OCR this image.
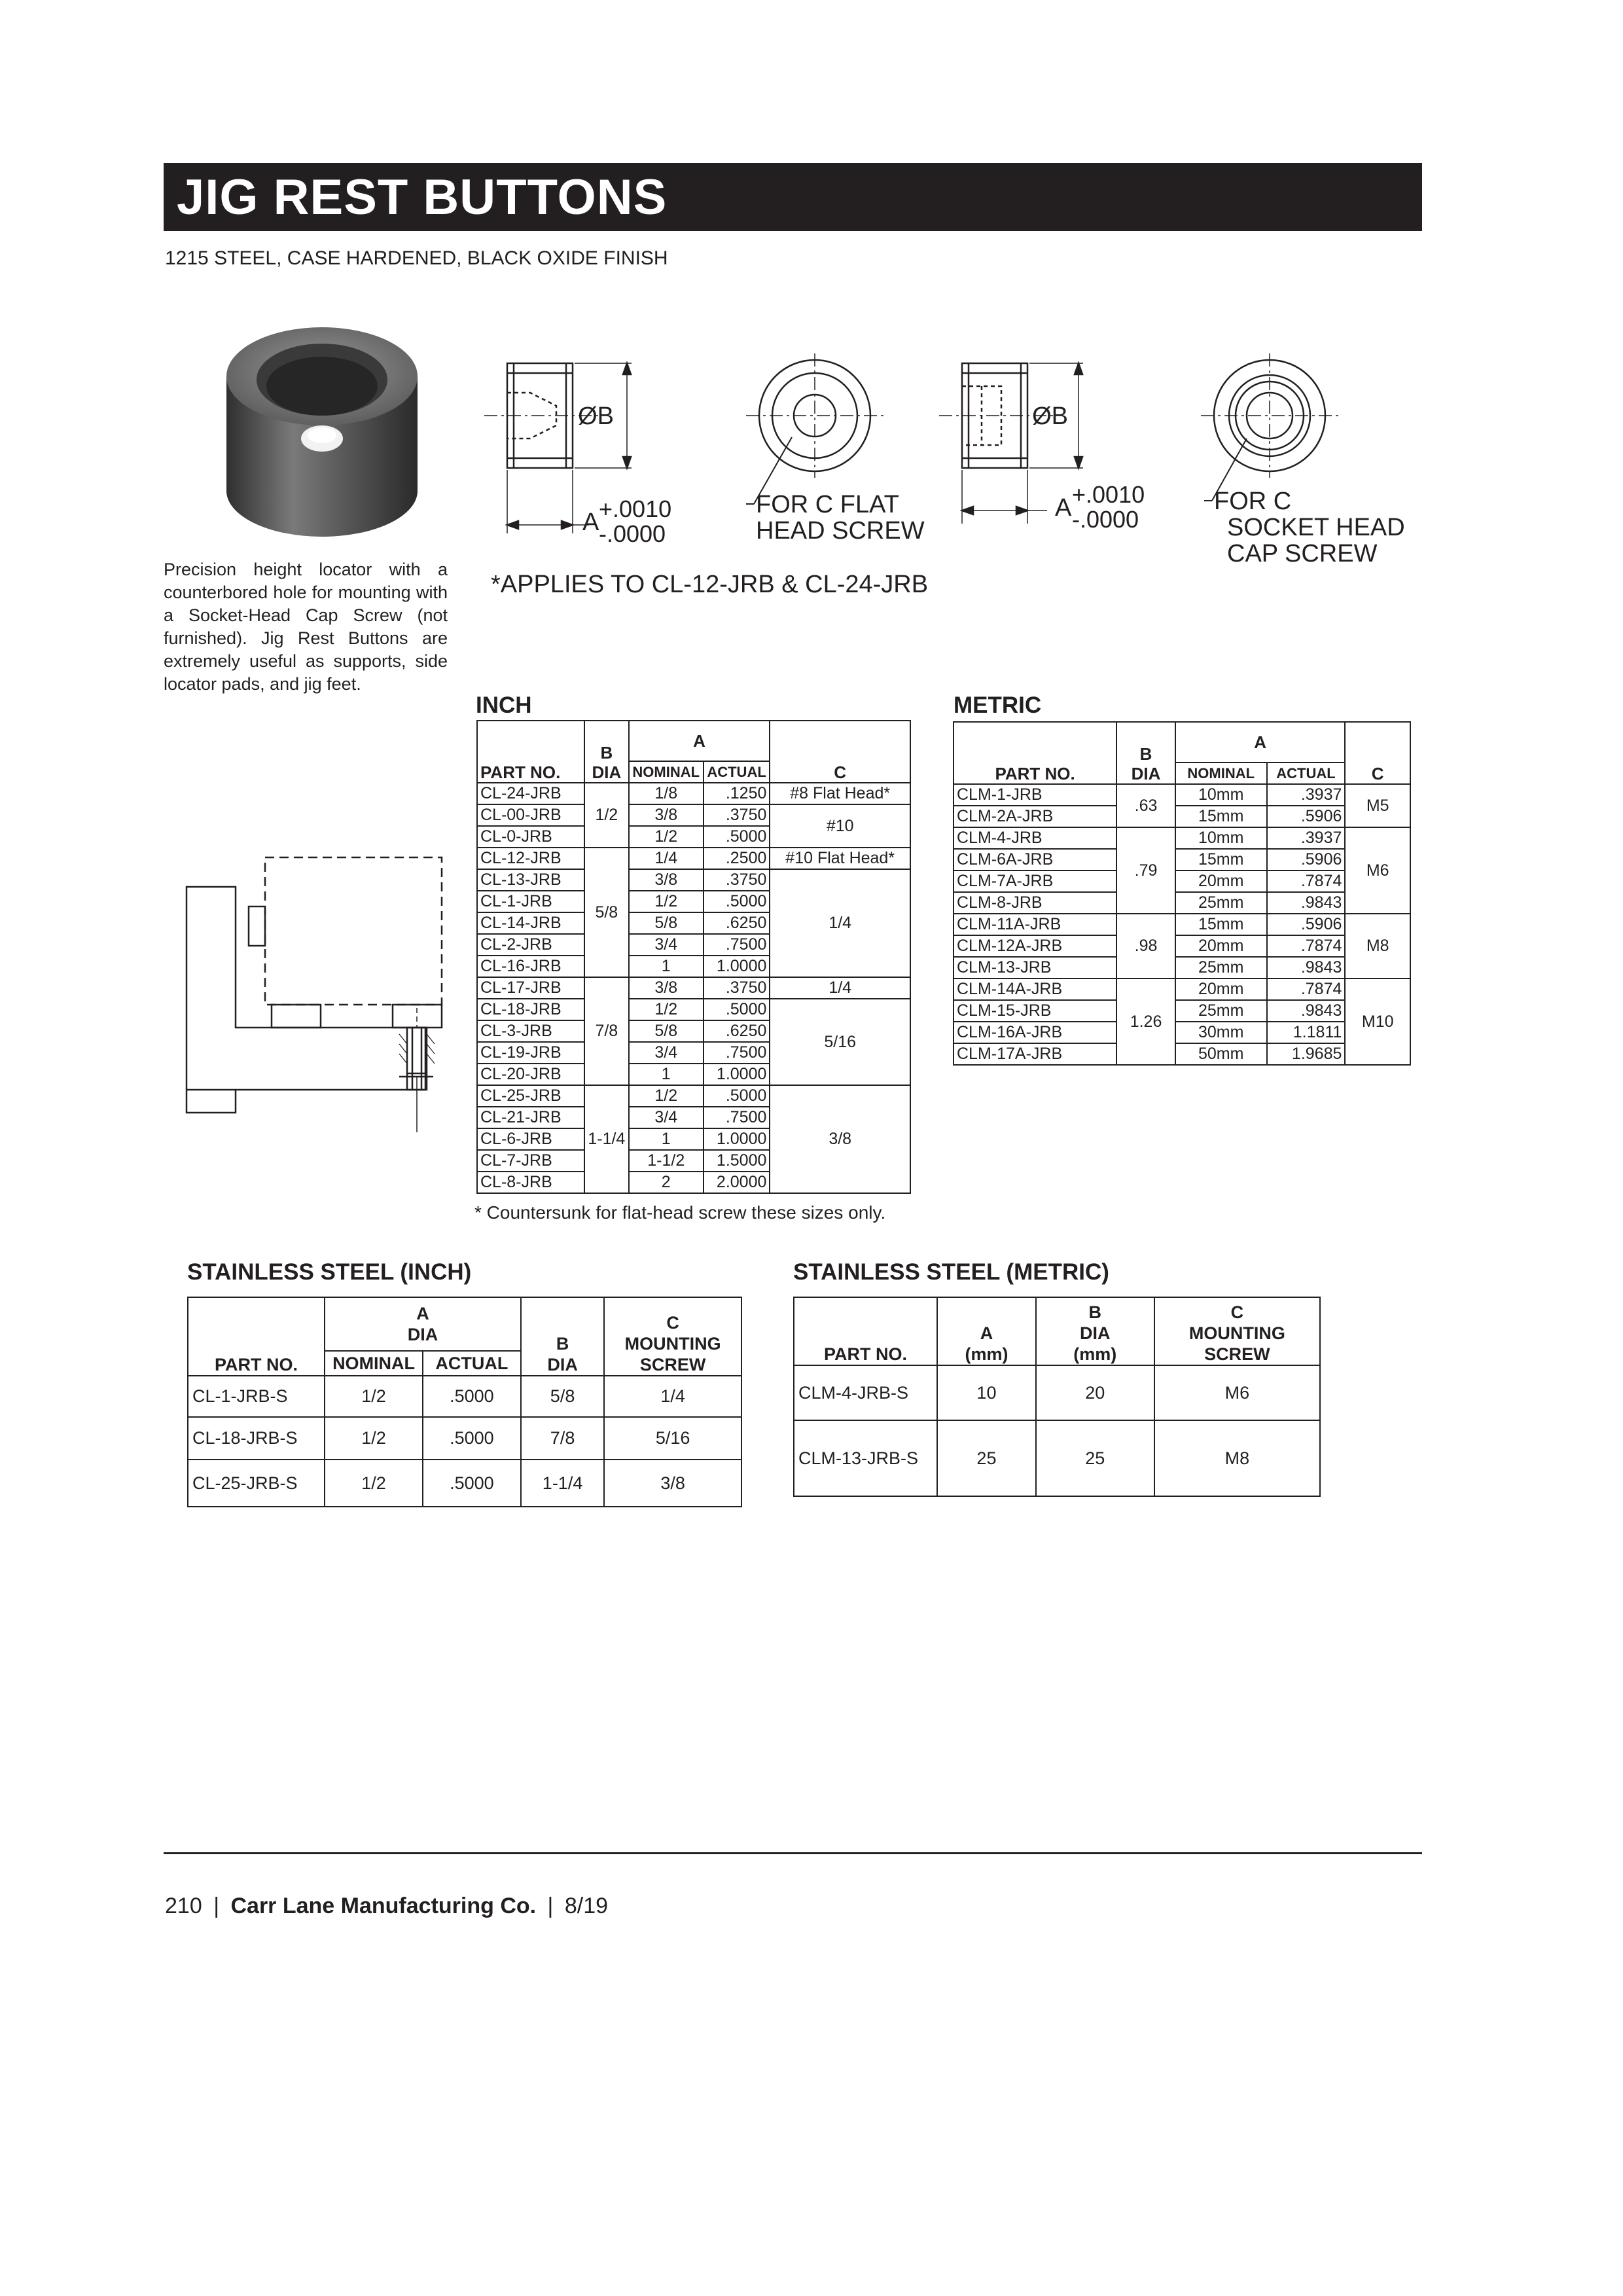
JIG REST BUTTONS
1215 STEEL, CASE HARDENED, BLACK OXIDE FINISH
Precision height locator with a counterbored hole for mounting with a Socket-Head Cap Screw (not furnished). Jig Rest Buttons are extremely useful as supports, side locator pads, and jig feet.
ØB
A +.0010
-.0000
FOR C FLAT
HEAD SCREW
*APPLIES TO CL-12-JRB & CL-24-JRB
ØB
A +.0010
-.0000
FOR C
SOCKET HEAD
CAP SCREW
INCH
PART NO.	B
DIA	A		C
		NOMINAL	ACTUAL	
CL-24-JRB	1/2	1/8	.1250	#8 Flat Head*
CL-00-JRB		3/8	.3750	#10
CL-0-JRB		1/2	.5000	
CL-12-JRB	5/8	1/4	.2500	#10 Flat Head*
CL-13-JRB		3/8	.3750	1/4
CL-1-JRB		1/2	.5000	
CL-14-JRB		5/8	.6250	
CL-2-JRB		3/4	.7500	
CL-16-JRB		1	1.0000	
CL-17-JRB	7/8	3/8	.3750	1/4
CL-18-JRB		1/2	.5000	5/16
CL-3-JRB		5/8	.6250	
CL-19-JRB		3/4	.7500	
CL-20-JRB		1	1.0000	
CL-25-JRB	1-1/4	1/2	.5000	3/8
CL-21-JRB		3/4	.7500	
CL-6-JRB		1	1.0000	
CL-7-JRB		1-1/2	1.5000	
CL-8-JRB		2	2.0000	
* Countersunk for flat-head screw these sizes only.
METRIC
PART NO.	B
DIA	A		C
		NOMINAL	ACTUAL	
CLM-1-JRB	.63	10mm	.3937	M5
CLM-2A-JRB		15mm	.5906	
CLM-4-JRB	.79	10mm	.3937	M6
CLM-6A-JRB		15mm	.5906	
CLM-7A-JRB		20mm	.7874	
CLM-8-JRB		25mm	.9843	
CLM-11A-JRB	.98	15mm	.5906	M8
CLM-12A-JRB		20mm	.7874	
CLM-13-JRB		25mm	.9843	
CLM-14A-JRB	1.26	20mm	.7874	M10
CLM-15-JRB		25mm	.9843	
CLM-16A-JRB		30mm	1.1811	
CLM-17A-JRB		50mm	1.9685	
STAINLESS STEEL (INCH)
PART NO.	A
DIA		B
DIA	C
MOUNTING
SCREW
	NOMINAL	ACTUAL		
CL-1-JRB-S	1/2	.5000	5/8	1/4
CL-18-JRB-S	1/2	.5000	7/8	5/16
CL-25-JRB-S	1/2	.5000	1-1/4	3/8
STAINLESS STEEL (METRIC)
PART NO.	A
(mm)	B
DIA
(mm)	C
MOUNTING
SCREW
CLM-4-JRB-S	10	20	M6
CLM-13-JRB-S	25	25	M8
210 | Carr Lane Manufacturing Co. | 8/19
